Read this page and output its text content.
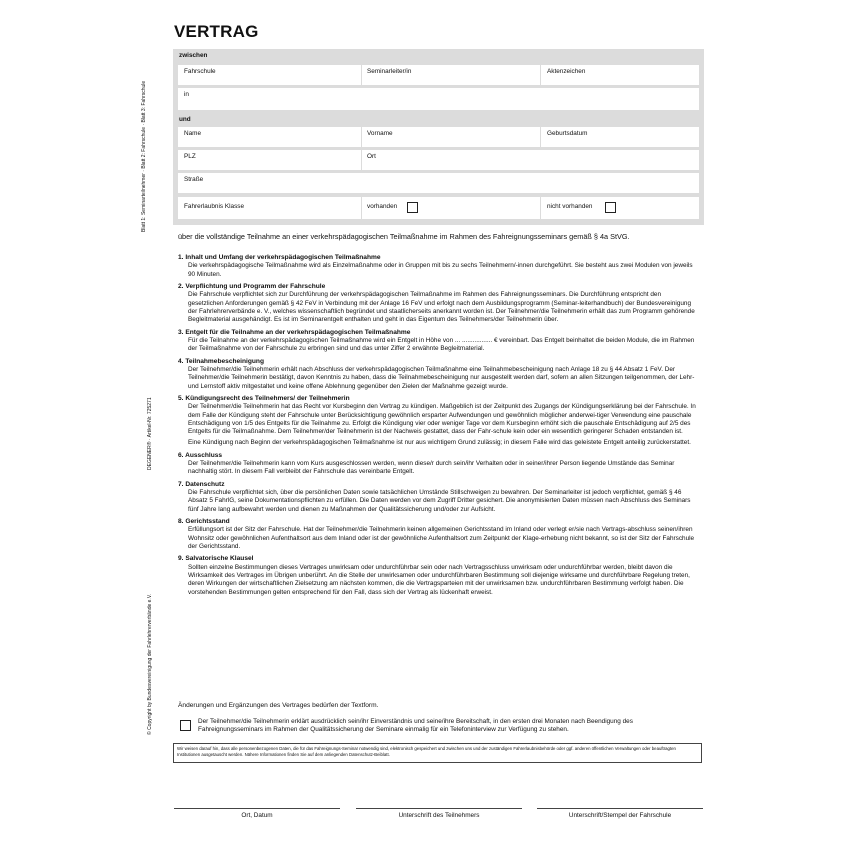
VERTRAG
zwischen
Fahrschule	Seminarleiter/in	Aktenzeichen
in
und
Name	Vorname	Geburtsdatum
PLZ	Ort
Straße
Fahrerlaubnis Klasse	vorhanden	nicht vorhanden
über die vollständige Teilnahme an einer verkehrspädagogischen Teilmaßnahme im Rahmen des Fahreignungsseminars gemäß § 4a StVG.
1. Inhalt und Umfang der verkehrspädagogischen Teilmaßnahme

Die verkehrspädagogische Teilmaßnahme wird als Einzelmaßnahme oder in Gruppen mit bis zu sechs Teilnehmern/-innen durchgeführt. Sie besteht aus zwei Modulen von jeweils 90 Minuten.

2. Verpflichtung und Programm der Fahrschule

Die Fahrschule verpflichtet sich zur Durchführung der verkehrspädagogischen Teilmaßnahme im Rahmen des Fahreignungsseminars. Die Durchführung entspricht den gesetzlichen Anforderungen gemäß § 42 FeV in Verbindung mit der Anlage 16 FeV und erfolgt nach dem Ausbildungsprogramm (Seminar-leiterhandbuch) der Bundesvereinigung der Fahrlehrerverbände e. V., welches wissenschaftlich begründet und staatlicherseits anerkannt worden ist. Der Teilnehmer/die Teilnehmerin erhält das zum Programm gehörende Begleitmaterial ausgehändigt. Es ist im Seminarentgelt enthalten und geht in das Eigentum des Teilnehmers/der Teilnehmerin über.

3. Entgelt für die Teilnahme an der verkehrspädagogischen Teilmaßnahme

Für die Teilnahme an der verkehrspädagogischen Teilmaßnahme wird ein Entgelt in Höhe von ... ................. € vereinbart. Das Entgelt beinhaltet die beiden Module, die im Rahmen der Teilmaßnahme von der Fahrschule zu erbringen sind und das unter Ziffer 2 erwähnte Begleitmaterial.

4. Teilnahmebescheinigung

Der Teilnehmer/die Teilnehmerin erhält nach Abschluss der verkehrspädagogischen Teilmaßnahme eine Teilnahmebescheinigung nach Anlage 18 zu § 44 Absatz 1 FeV. Der Teilnehmer/die Teilnehmerin bestätigt, davon Kenntnis zu haben, dass die Teilnahmebescheinigung nur ausgestellt werden darf, sofern an allen Sitzungen teilgenommen, der Lehr- und Lernstoff aktiv mitgestaltet und keine offene Ablehnung gegenüber den Zielen der Maßnahme gezeigt wurde.

5. Kündigungsrecht des Teilnehmers/ der Teilnehmerin

Der Teilnehmer/die Teilnehmerin hat das Recht vor Kursbeginn den Vertrag zu kündigen. Maßgeblich ist der Zeitpunkt des Zugangs der Kündigungserklärung bei der Fahrschule. In dem Falle der Kündigung steht der Fahrschule unter Berücksichtigung gewöhnlich ersparter Aufwendungen und gewöhnlich möglicher anderwei-tiger Verwendung eine pauschale Entschädigung von 1/5 des Entgelts für die Teilnahme zu. Erfolgt die Kündigung vier oder weniger Tage vor dem Kursbeginn erhöht sich die pauschale Entschädigung auf 2/5 des Entgelts für die Teilmaßnahme. Dem Teilnehmer/der Teilnehmerin ist der Nachweis gestattet, dass der Fahr-schule kein oder ein wesentlich geringerer Schaden entstanden ist.

Eine Kündigung nach Beginn der verkehrspädagogischen Teilmaßnahme ist nur aus wichtigem Grund zulässig; in diesem Falle wird das geleistete Entgelt anteilig zurückerstattet.

6. Ausschluss

Der Teilnehmer/die Teilnehmerin kann vom Kurs ausgeschlossen werden, wenn diese/r durch sein/ihr Verhalten oder in seiner/ihrer Person liegende Umstände das Seminar nachhaltig stört. In diesem Fall verbleibt der Fahrschule das vereinbarte Entgelt.

7. Datenschutz

Die Fahrschule verpflichtet sich, über die persönlichen Daten sowie tatsächlichen Umstände Stillschweigen zu bewahren. Der Seminarleiter ist jedoch verpflichtet, gemäß § 46 Absatz 5 FahrlG, seine Dokumentationspflichten zu erfüllen. Die Daten werden vor dem Zugriff Dritter gesichert. Die anonymisierten Daten müssen nach Abschluss des Seminars fünf Jahre lang aufbewahrt werden und dienen zu Maßnahmen der Qualitätssicherung und/oder zur Aufsicht.

8. Gerichtsstand

Erfüllungsort ist der Sitz der Fahrschule. Hat der Teilnehmer/die Teilnehmerin keinen allgemeinen Gerichtsstand im Inland oder verlegt er/sie nach Vertrags-abschluss seinen/ihren Wohnsitz oder gewöhnlichen Aufenthaltsort aus dem Inland oder ist der gewöhnliche Aufenthaltsort zum Zeitpunkt der Klage-erhebung nicht bekannt, so ist der Sitz der Fahrschule der Gerichtsstand.

9. Salvatorische Klausel

Sollten einzelne Bestimmungen dieses Vertrages unwirksam oder undurchführbar sein oder nach Vertragsschluss unwirksam oder undurchführbar werden, bleibt davon die Wirksamkeit des Vertrages im Übrigen unberührt. An die Stelle der unwirksamen oder undurchführbaren Bestimmung soll diejenige wirksame und durchführbare Regelung treten, deren Wirkungen der wirtschaftlichen Zielsetzung am nächsten kommen, die die Vertragsparteien mit der unwirksamen bzw. undurchführbaren Bestimmung verfolgt haben. Die vorstehenden Bestimmungen gelten entsprechend für den Fall, dass sich der Vertrag als lückenhaft erweist.

Änderungen und Ergänzungen des Vertrages bedürfen der Textform.
Der Teilnehmer/die Teilnehmerin erklärt ausdrücklich sein/ihr Einverständnis und seine/ihre Bereitschaft, in den ersten drei Monaten nach Beendigung des Fahreignungsseminars im Rahmen der Qualitätssicherung der Seminare einmalig für ein Telefoninterview zur Verfügung zu stehen.
Wir weisen darauf hin, dass alle personenbezogenen Daten, die für das Fahreignungs-Seminar notwendig sind, elektronisch gespeichert und zwischen uns und der zuständigen Fahrerlaubnisbehörde oder ggf. anderen öffentlichen Verwaltungen oder beauftragten Institutionen ausgetauscht werden. Nähere Informationen finden Sie auf dem anliegenden Datenschutz-Beiblatt.
Ort, Datum	Unterschrift des Teilnehmers	Unterschrift/Stempel der Fahrschule
Blatt 1: Seminarteilnehmer · Blatt 2: Fahrschule · Blatt 3: Fahrschule
DEGENER® · Artikel-Nr. 725271
© Copyright by Bundesvereinigung der Fahrlehrerverbände e.V.
